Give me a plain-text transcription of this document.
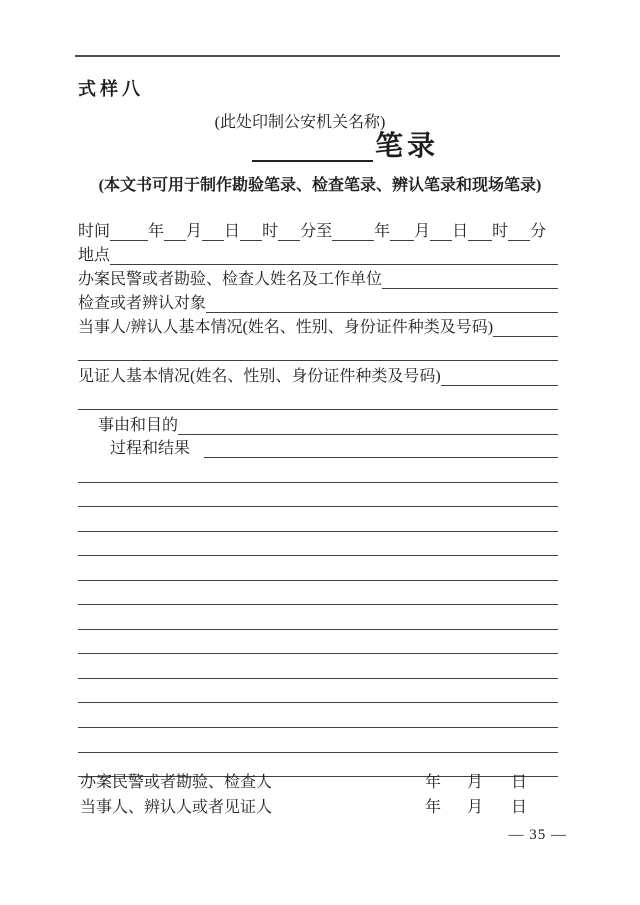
式样八
(此处印制公安机关名称)
笔录
(本文书可用于制作勘验笔录、检查笔录、辨认笔录和现场笔录)
时间 年 月 日 时 分至	年 月 日 时 分
地点
办案民警或者勘验、检查人姓名及工作单位
检查或者辨认对象
当事人/辨认人基本情况(姓名、性别、身份证件种类及号码)
见证人基本情况(姓名、性别、身份证件种类及号码)
事由和目的
过程和结果
办案民警或者勘验、检查人	年 月 日
当事人、辨认人或者见证人	年 月 日
— 35 —
